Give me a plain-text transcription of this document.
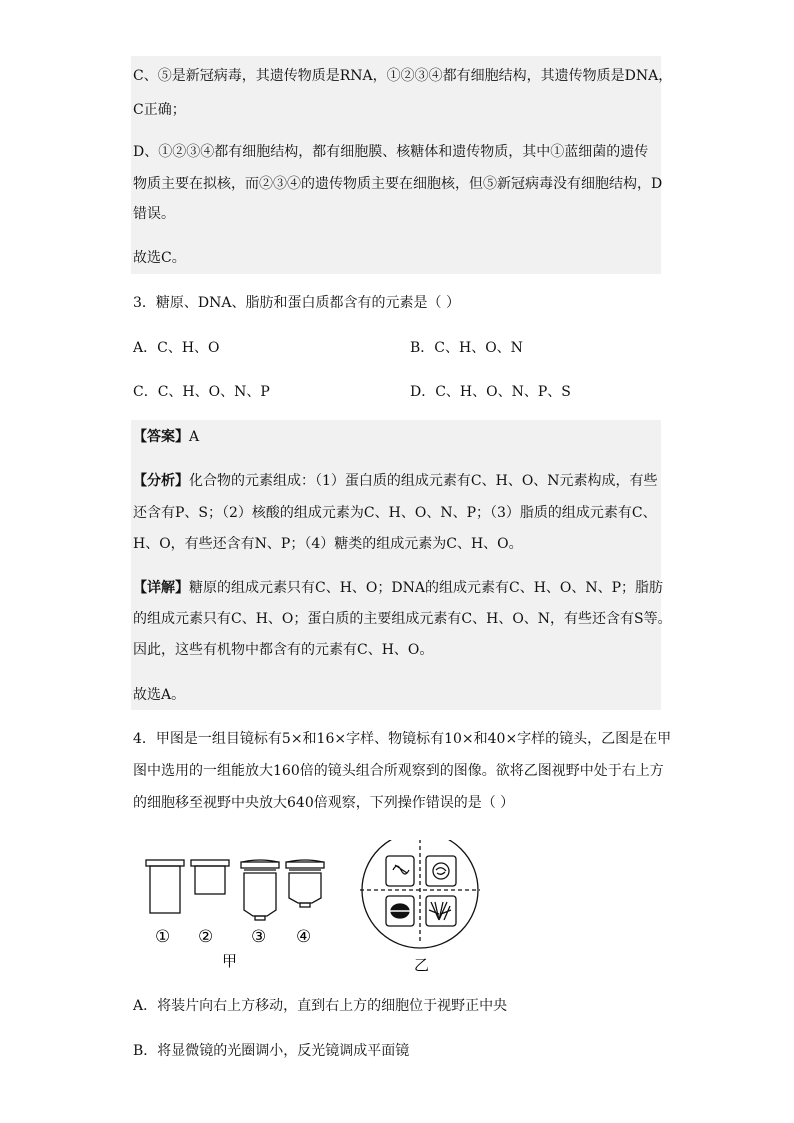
C、⑤是新冠病毒，其遗传物质是RNA，①②③④都有细胞结构，其遗传物质是DNA，
C正确；
D、①②③④都有细胞结构，都有细胞膜、核糖体和遗传物质，其中①蓝细菌的遗传
物质主要在拟核，而②③④的遗传物质主要在细胞核，但⑤新冠病毒没有细胞结构，D
错误。
故选C。
3．糖原、DNA、脂肪和蛋白质都含有的元素是（ ）
A．C、H、O	B．C、H、O、N
C．C、H、O、N、P	D．C、H、O、N、P、S
【答案】A
【分析】化合物的元素组成：（1）蛋白质的组成元素有C、H、O、N元素构成，有些
还含有P、S；（2）核酸的组成元素为C、H、O、N、P；（3）脂质的组成元素有C、
H、O，有些还含有N、P；（4）糖类的组成元素为C、H、O。
【详解】糖原的组成元素只有C、H、O；DNA的组成元素有C、H、O、N、P；脂肪
的组成元素只有C、H、O；蛋白质的主要组成元素有C、H、O、N，有些还含有S等。
因此，这些有机物中都含有的元素有C、H、O。
故选A。
4．甲图是一组目镜标有5×和16×字样、物镜标有10×和40×字样的镜头，乙图是在甲
图中选用的一组能放大160倍的镜头组合所观察到的图像。欲将乙图视野中处于右上方
的细胞移至视野中央放大640倍观察，下列操作错误的是（ ）
① ② ③ ④
甲	乙
A．将装片向右上方移动，直到右上方的细胞位于视野正中央
B．将显微镜的光圈调小，反光镜调成平面镜
